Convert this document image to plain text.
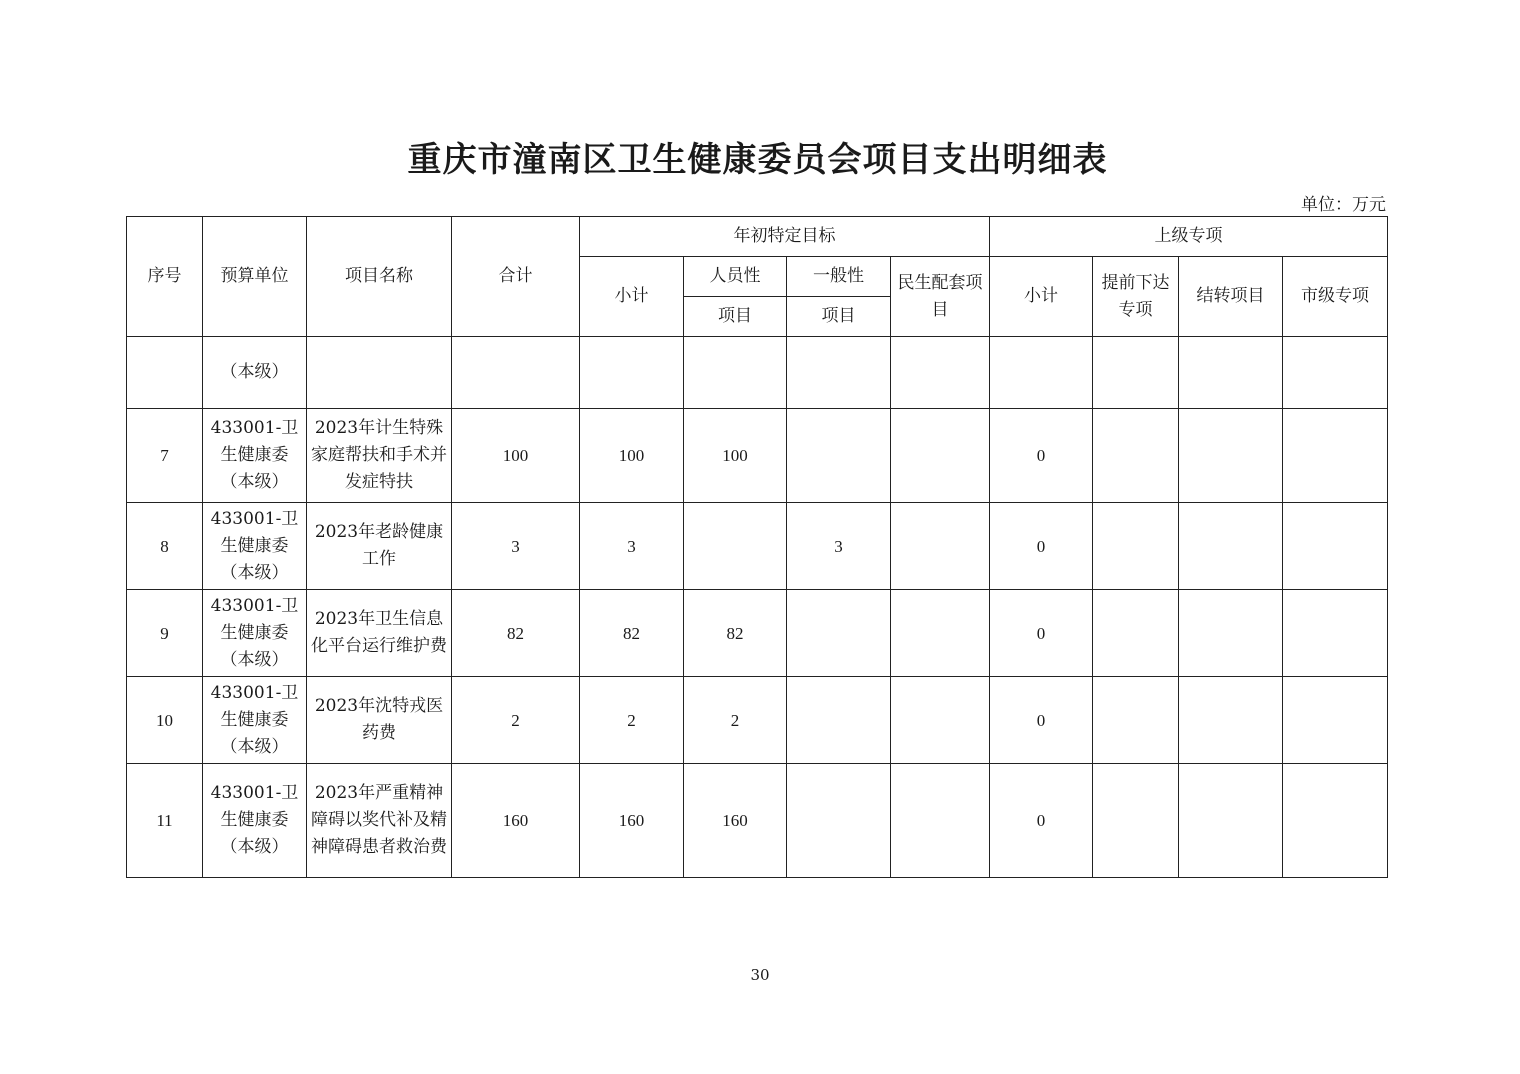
重庆市潼南区卫生健康委员会项目支出明细表
单位：万元
序号	预算单位	项目名称	合计	年初特定目标				上级专项			
				小计	人员性	一般性	民生配套项目	小计	提前下达专项	结转项目	市级专项
					项目	项目					
	（本级）										
7	433001-卫生健康委（本级）	2023年计生特殊家庭帮扶和手术并发症特扶	100	100	100			0			
8	433001-卫生健康委（本级）	2023年老龄健康工作	3	3		3		0			
9	433001-卫生健康委（本级）	2023年卫生信息化平台运行维护费	82	82	82			0			
10	433001-卫生健康委（本级）	2023年沈特戎医药费	2	2	2			0			
11	433001-卫生健康委（本级）	2023年严重精神障碍以奖代补及精神障碍患者救治费	160	160	160			0			
30
